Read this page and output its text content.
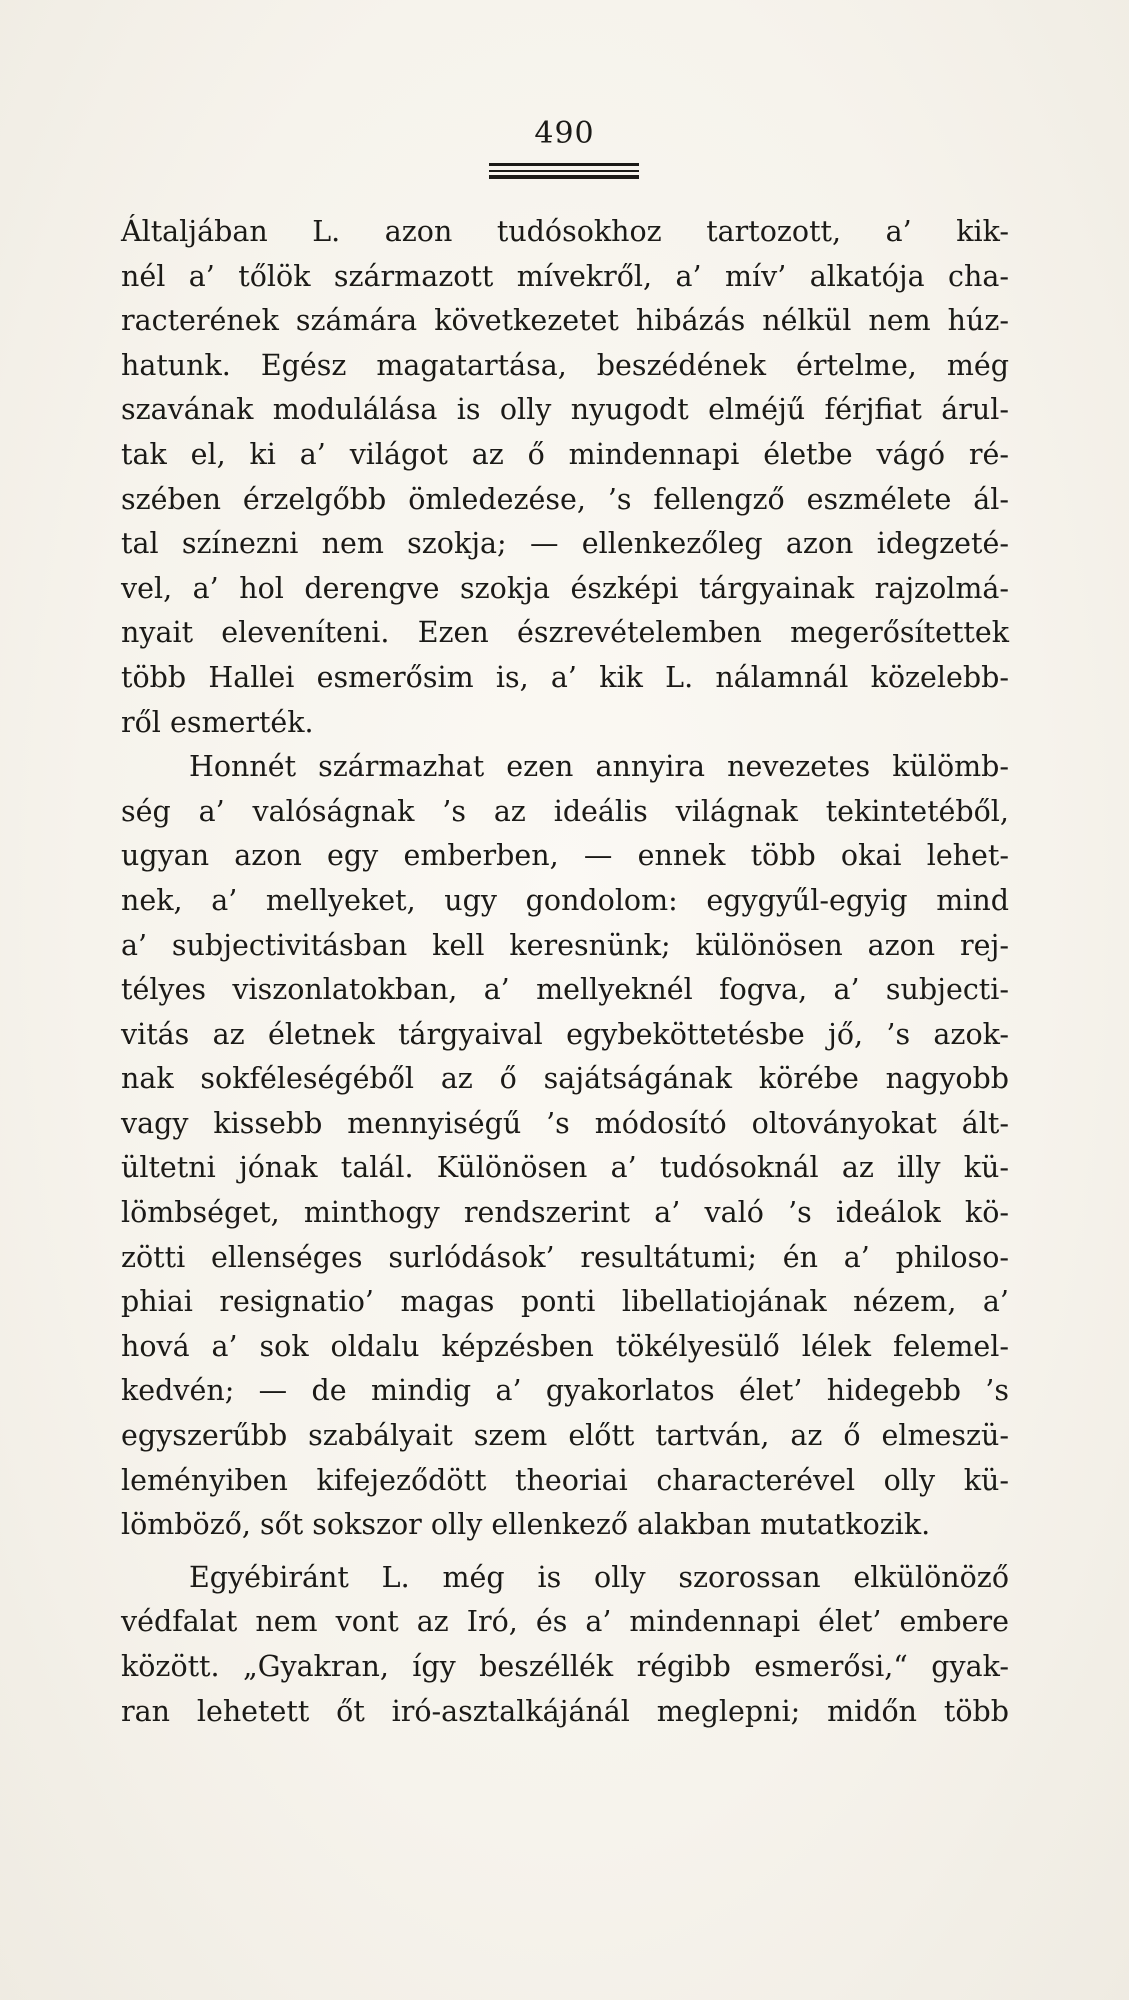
490
Általjában L. azon tudósokhoz tartozott, a’ kik-
nél a’ tőlök származott mívekről, a’ mív’ alkatója cha-
racterének számára következetet hibázás nélkül nem húz-
hatunk. Egész magatartása, beszédének értelme, még
szavának modulálása is olly nyugodt elméjű férjfiat árul-
tak el, ki a’ világot az ő mindennapi életbe vágó ré-
szében érzelgőbb ömledezése, ’s fellengző eszmélete ál-
tal színezni nem szokja; — ellenkezőleg azon idegzeté-
vel, a’ hol derengve szokja észképi tárgyainak rajzolmá-
nyait eleveníteni. Ezen észrevételemben megerősítettek
több Hallei esmerősim is, a’ kik L. nálamnál közelebb-
ről esmerték.
Honnét származhat ezen annyira nevezetes külömb-
ség a’ valóságnak ’s az ideális világnak tekintetéből,
ugyan azon egy emberben, — ennek több okai lehet-
nek, a’ mellyeket, ugy gondolom: egygyűl-egyig mind
a’ subjectivitásban kell keresnünk; különösen azon rej-
télyes viszonlatokban, a’ mellyeknél fogva, a’ subjecti-
vitás az életnek tárgyaival egybeköttetésbe jő, ’s azok-
nak sokféleségéből az ő sajátságának körébe nagyobb
vagy kissebb mennyiségű ’s módosító oltoványokat ált-
ültetni jónak talál. Különösen a’ tudósoknál az illy kü-
lömbséget, minthogy rendszerint a’ való ’s ideálok kö-
zötti ellenséges surlódások’ resultátumi; én a’ philoso-
phiai resignatio’ magas ponti libellatiojának nézem, a’
hová a’ sok oldalu képzésben tökélyesülő lélek felemel-
kedvén; — de mindig a’ gyakorlatos élet’ hidegebb ’s
egyszerűbb szabályait szem előtt tartván, az ő elmeszü-
leményiben kifejeződött theoriai characterével olly kü-
lömböző, sőt sokszor olly ellenkező alakban mutatkozik.
Egyébiránt L. még is olly szorossan elkülönöző
védfalat nem vont az Iró, és a’ mindennapi élet’ embere
között. „Gyakran, így beszéllék régibb esmerősi,“ gyak-
ran lehetett őt iró-asztalkájánál meglepni; midőn több
